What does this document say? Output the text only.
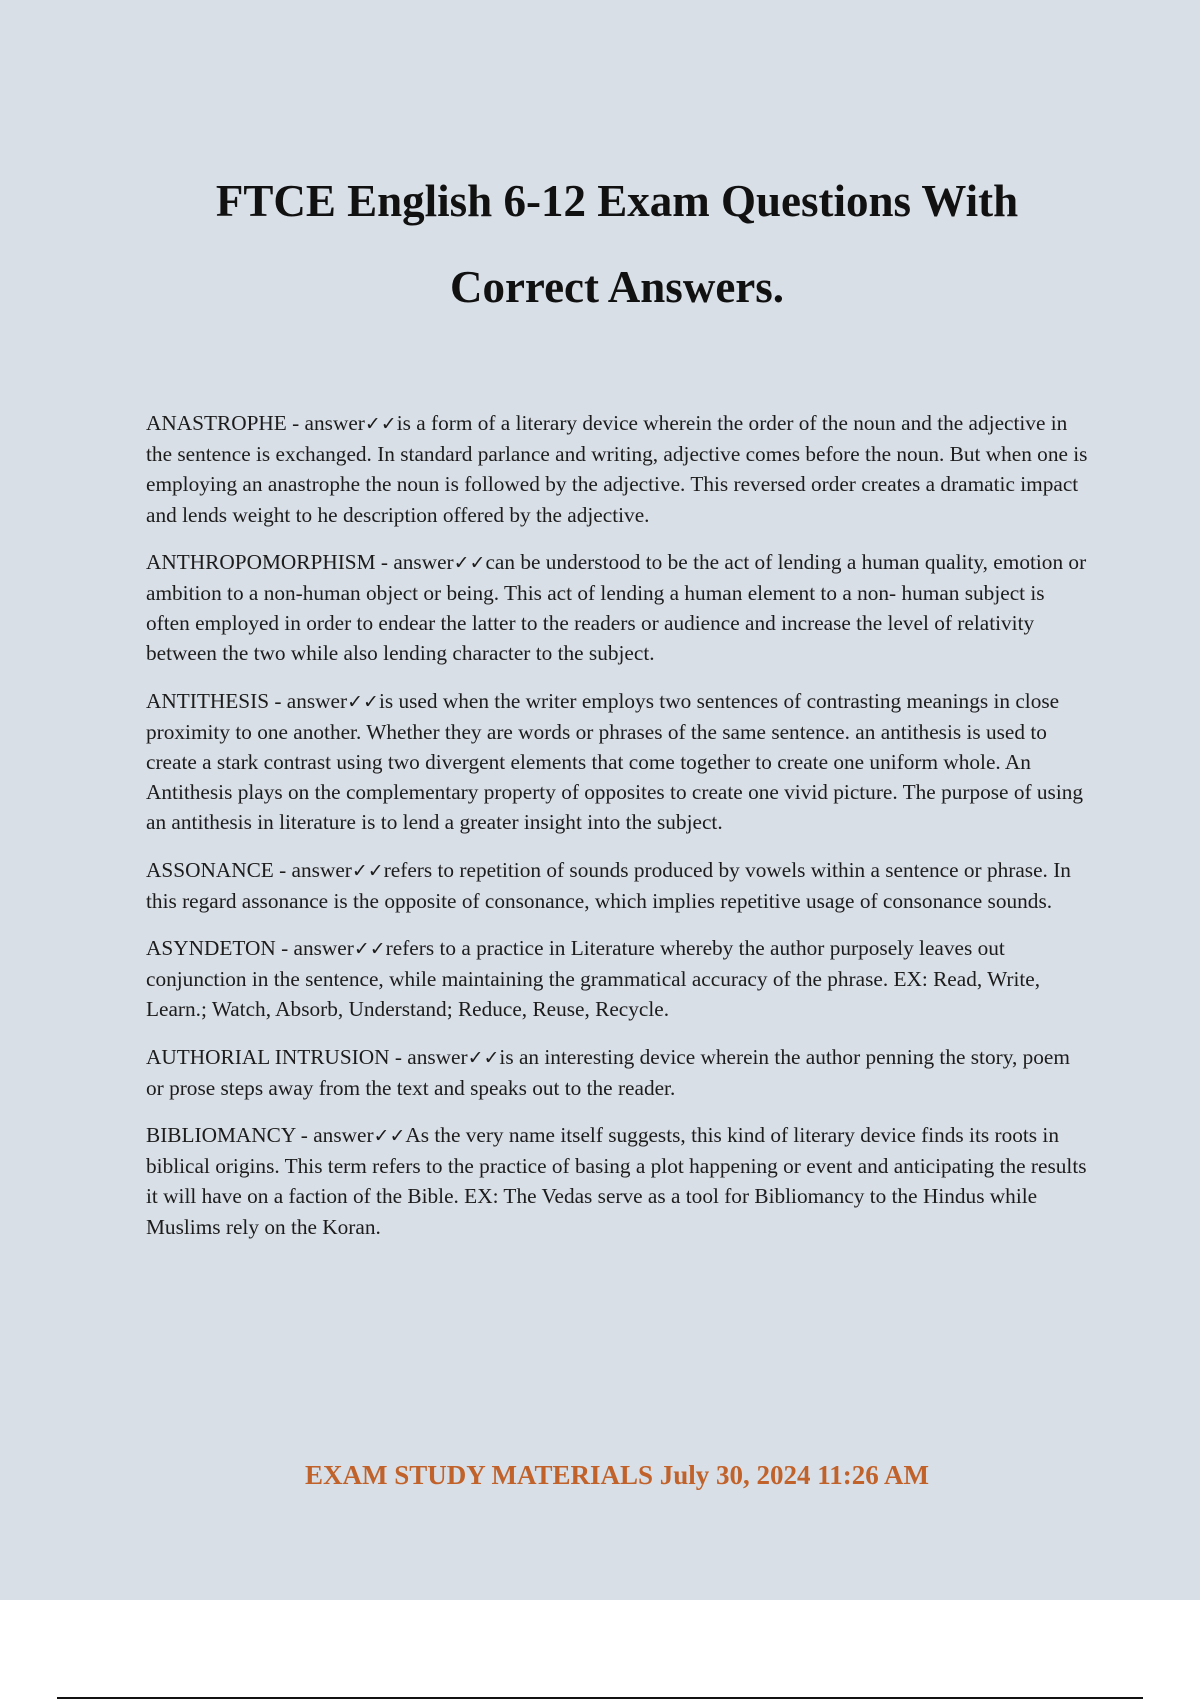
FTCE English 6-12 Exam Questions With Correct Answers.

ANASTROPHE - answer✓✓is a form of a literary device wherein the order of the noun and the adjective in the sentence is exchanged. In standard parlance and writing, adjective comes before the noun. But when one is employing an anastrophe the noun is followed by the adjective. This reversed order creates a dramatic impact and lends weight to he description offered by the adjective.

ANTHROPOMORPHISM - answer✓✓can be understood to be the act of lending a human quality, emotion or ambition to a non-human object or being. This act of lending a human element to a non- human subject is often employed in order to endear the latter to the readers or audience and increase the level of relativity between the two while also lending character to the subject.

ANTITHESIS - answer✓✓is used when the writer employs two sentences of contrasting meanings in close proximity to one another. Whether they are words or phrases of the same sentence. an antithesis is used to create a stark contrast using two divergent elements that come together to create one uniform whole. An Antithesis plays on the complementary property of opposites to create one vivid picture. The purpose of using an antithesis in literature is to lend a greater insight into the subject.

ASSONANCE - answer✓✓refers to repetition of sounds produced by vowels within a sentence or phrase. In this regard assonance is the opposite of consonance, which implies repetitive usage of consonance sounds.

ASYNDETON - answer✓✓refers to a practice in Literature whereby the author purposely leaves out conjunction in the sentence, while maintaining the grammatical accuracy of the phrase. EX: Read, Write, Learn.; Watch, Absorb, Understand; Reduce, Reuse, Recycle.

AUTHORIAL INTRUSION - answer✓✓is an interesting device wherein the author penning the story, poem or prose steps away from the text and speaks out to the reader.

BIBLIOMANCY - answer✓✓As the very name itself suggests, this kind of literary device finds its roots in biblical origins. This term refers to the practice of basing a plot happening or event and anticipating the results it will have on a faction of the Bible. EX: The Vedas serve as a tool for Bibliomancy to the Hindus while Muslims rely on the Koran.

EXAM STUDY MATERIALS July 30, 2024 11:26 AM
